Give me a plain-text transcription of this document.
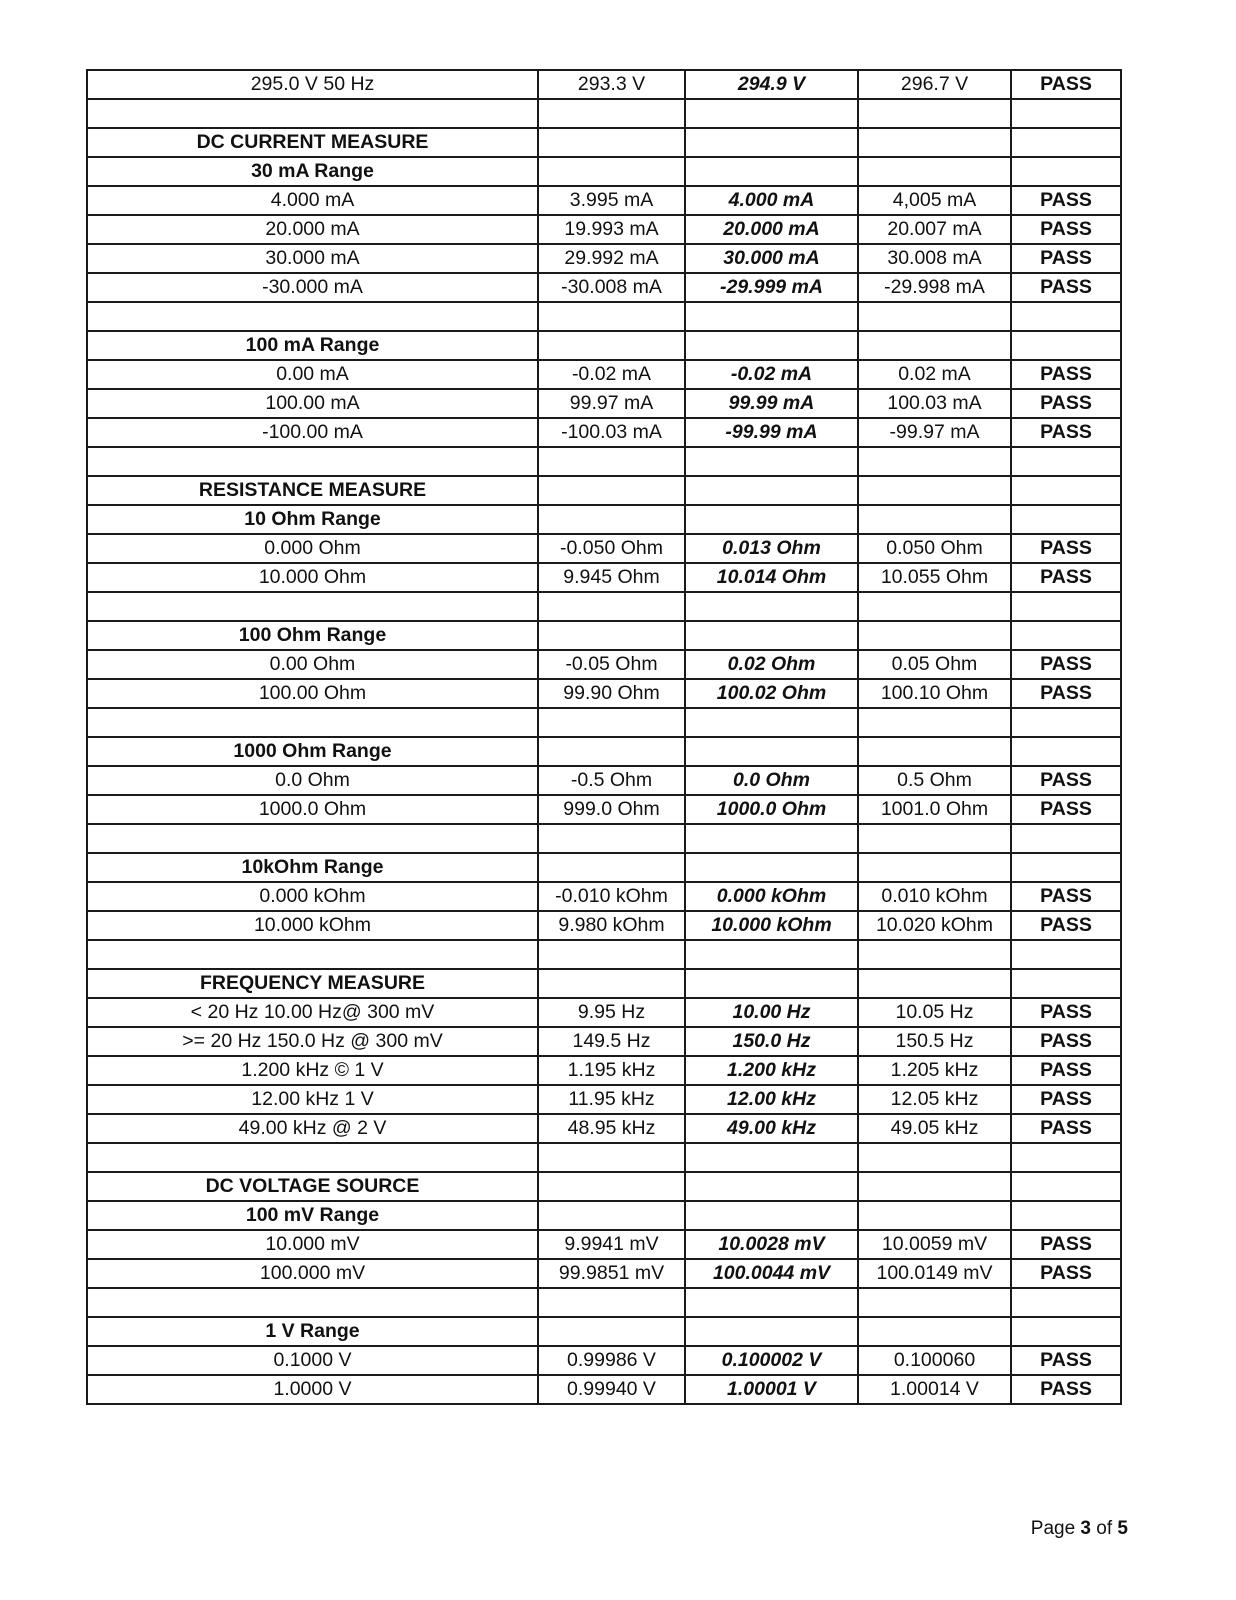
295.0 V 50 Hz	293.3 V	294.9 V	296.7 V	PASS

DC CURRENT MEASURE				
30 mA Range				
4.000 mA	3.995 mA	4.000 mA	4,005 mA	PASS
20.000 mA	19.993 mA	20.000 mA	20.007 mA	PASS
30.000 mA	29.992 mA	30.000 mA	30.008 mA	PASS
-30.000 mA	-30.008 mA	-29.999 mA	-29.998 mA	PASS

100 mA Range				
0.00 mA	-0.02 mA	-0.02 mA	0.02 mA	PASS
100.00 mA	99.97 mA	99.99 mA	100.03 mA	PASS
-100.00 mA	-100.03 mA	-99.99 mA	-99.97 mA	PASS

RESISTANCE MEASURE				
10 Ohm Range				
0.000 Ohm	-0.050 Ohm	0.013 Ohm	0.050 Ohm	PASS
10.000 Ohm	9.945 Ohm	10.014 Ohm	10.055 Ohm	PASS

100 Ohm Range				
0.00 Ohm	-0.05 Ohm	0.02 Ohm	0.05 Ohm	PASS
100.00 Ohm	99.90 Ohm	100.02 Ohm	100.10 Ohm	PASS

1000 Ohm Range				
0.0 Ohm	-0.5 Ohm	0.0 Ohm	0.5 Ohm	PASS
1000.0 Ohm	999.0 Ohm	1000.0 Ohm	1001.0 Ohm	PASS

10kOhm Range				
0.000 kOhm	-0.010 kOhm	0.000 kOhm	0.010 kOhm	PASS
10.000 kOhm	9.980 kOhm	10.000 kOhm	10.020 kOhm	PASS

FREQUENCY MEASURE				
< 20 Hz 10.00 Hz@ 300 mV	9.95 Hz	10.00 Hz	10.05 Hz	PASS
>= 20 Hz 150.0 Hz @ 300 mV	149.5 Hz	150.0 Hz	150.5 Hz	PASS
1.200 kHz © 1 V	1.195 kHz	1.200 kHz	1.205 kHz	PASS
12.00 kHz 1 V	11.95 kHz	12.00 kHz	12.05 kHz	PASS
49.00 kHz @ 2 V	48.95 kHz	49.00 kHz	49.05 kHz	PASS

DC VOLTAGE SOURCE				
100 mV Range				
10.000 mV	9.9941 mV	10.0028 mV	10.0059 mV	PASS
100.000 mV	99.9851 mV	100.0044 mV	100.0149 mV	PASS

1 V Range				
0.1000 V	0.99986 V	0.100002 V	0.100060	PASS
1.0000 V	0.99940 V	1.00001 V	1.00014 V	PASS
Page 3 of 5
